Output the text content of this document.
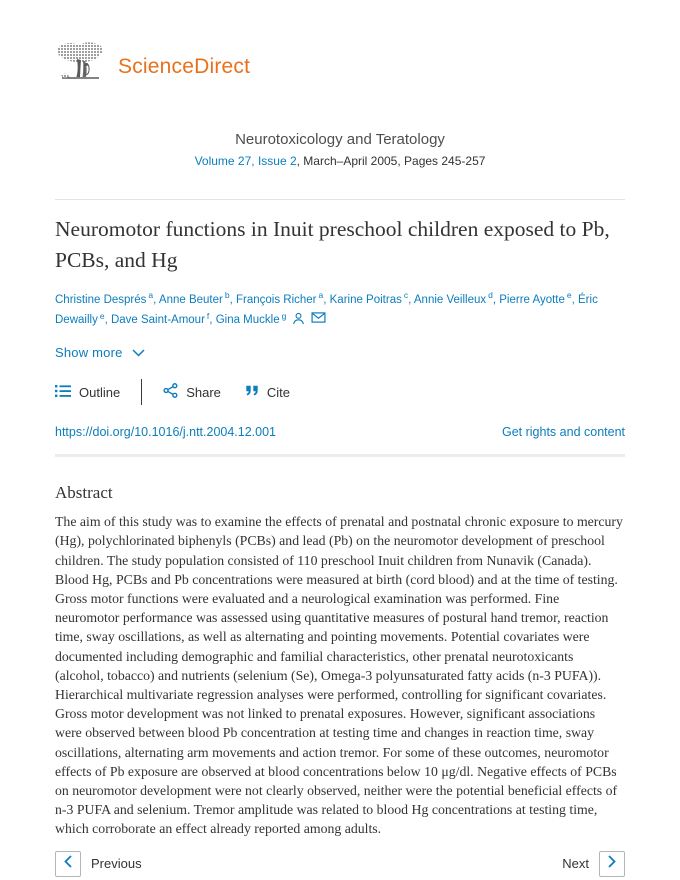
ScienceDirect
Neurotoxicology and Teratology
Volume 27, Issue 2, March–April 2005, Pages 245-257
Neuromotor functions in Inuit preschool children exposed to Pb, PCBs, and Hg
Christine Després $^a$ , Anne Beuter $^b$ , François Richer $^a$ , Karine Poitras $^c$ , Annie Veilleux $^d$ , Pierre Ayotte $^e$ , Éric Dewailly $^e$ , Dave Saint-Amour $^f$ , Gina Muckle $^g$
Show more
Outline	Share	Cite
https://doi.org/10.1016/j.ntt.2004.12.001	Get rights and content
Abstract

The aim of this study was to examine the effects of prenatal and postnatal chronic exposure to mercury (Hg), polychlorinated biphenyls (PCBs) and lead (Pb) on the neuromotor development of preschool children. The study population consisted of 110 preschool Inuit children from Nunavik (Canada). Blood Hg, PCBs and Pb concentrations were measured at birth (cord blood) and at the time of testing. Gross motor functions were evaluated and a neurological examination was performed. Fine neuromotor performance was assessed using quantitative measures of postural hand tremor, reaction time, sway oscillations, as well as alternating and pointing movements. Potential covariates were documented including demographic and familial characteristics, other prenatal neurotoxicants (alcohol, tobacco) and nutrients (selenium (Se), Omega-3 polyunsaturated fatty acids (n-3 PUFA)). Hierarchical multivariate regression analyses were performed, controlling for significant covariates. Gross motor development was not linked to prenatal exposures. However, significant associations were observed between blood Pb concentration at testing time and changes in reaction time, sway oscillations, alternating arm movements and action tremor. For some of these outcomes, neuromotor effects of Pb exposure are observed at blood concentrations below 10 μg/dl. Negative effects of PCBs on neuromotor development were not clearly observed, neither were the potential beneficial effects of n-3 PUFA and selenium. Tremor amplitude was related to blood Hg concentrations at testing time, which corroborate an effect already reported among adults.

Previous	Next
